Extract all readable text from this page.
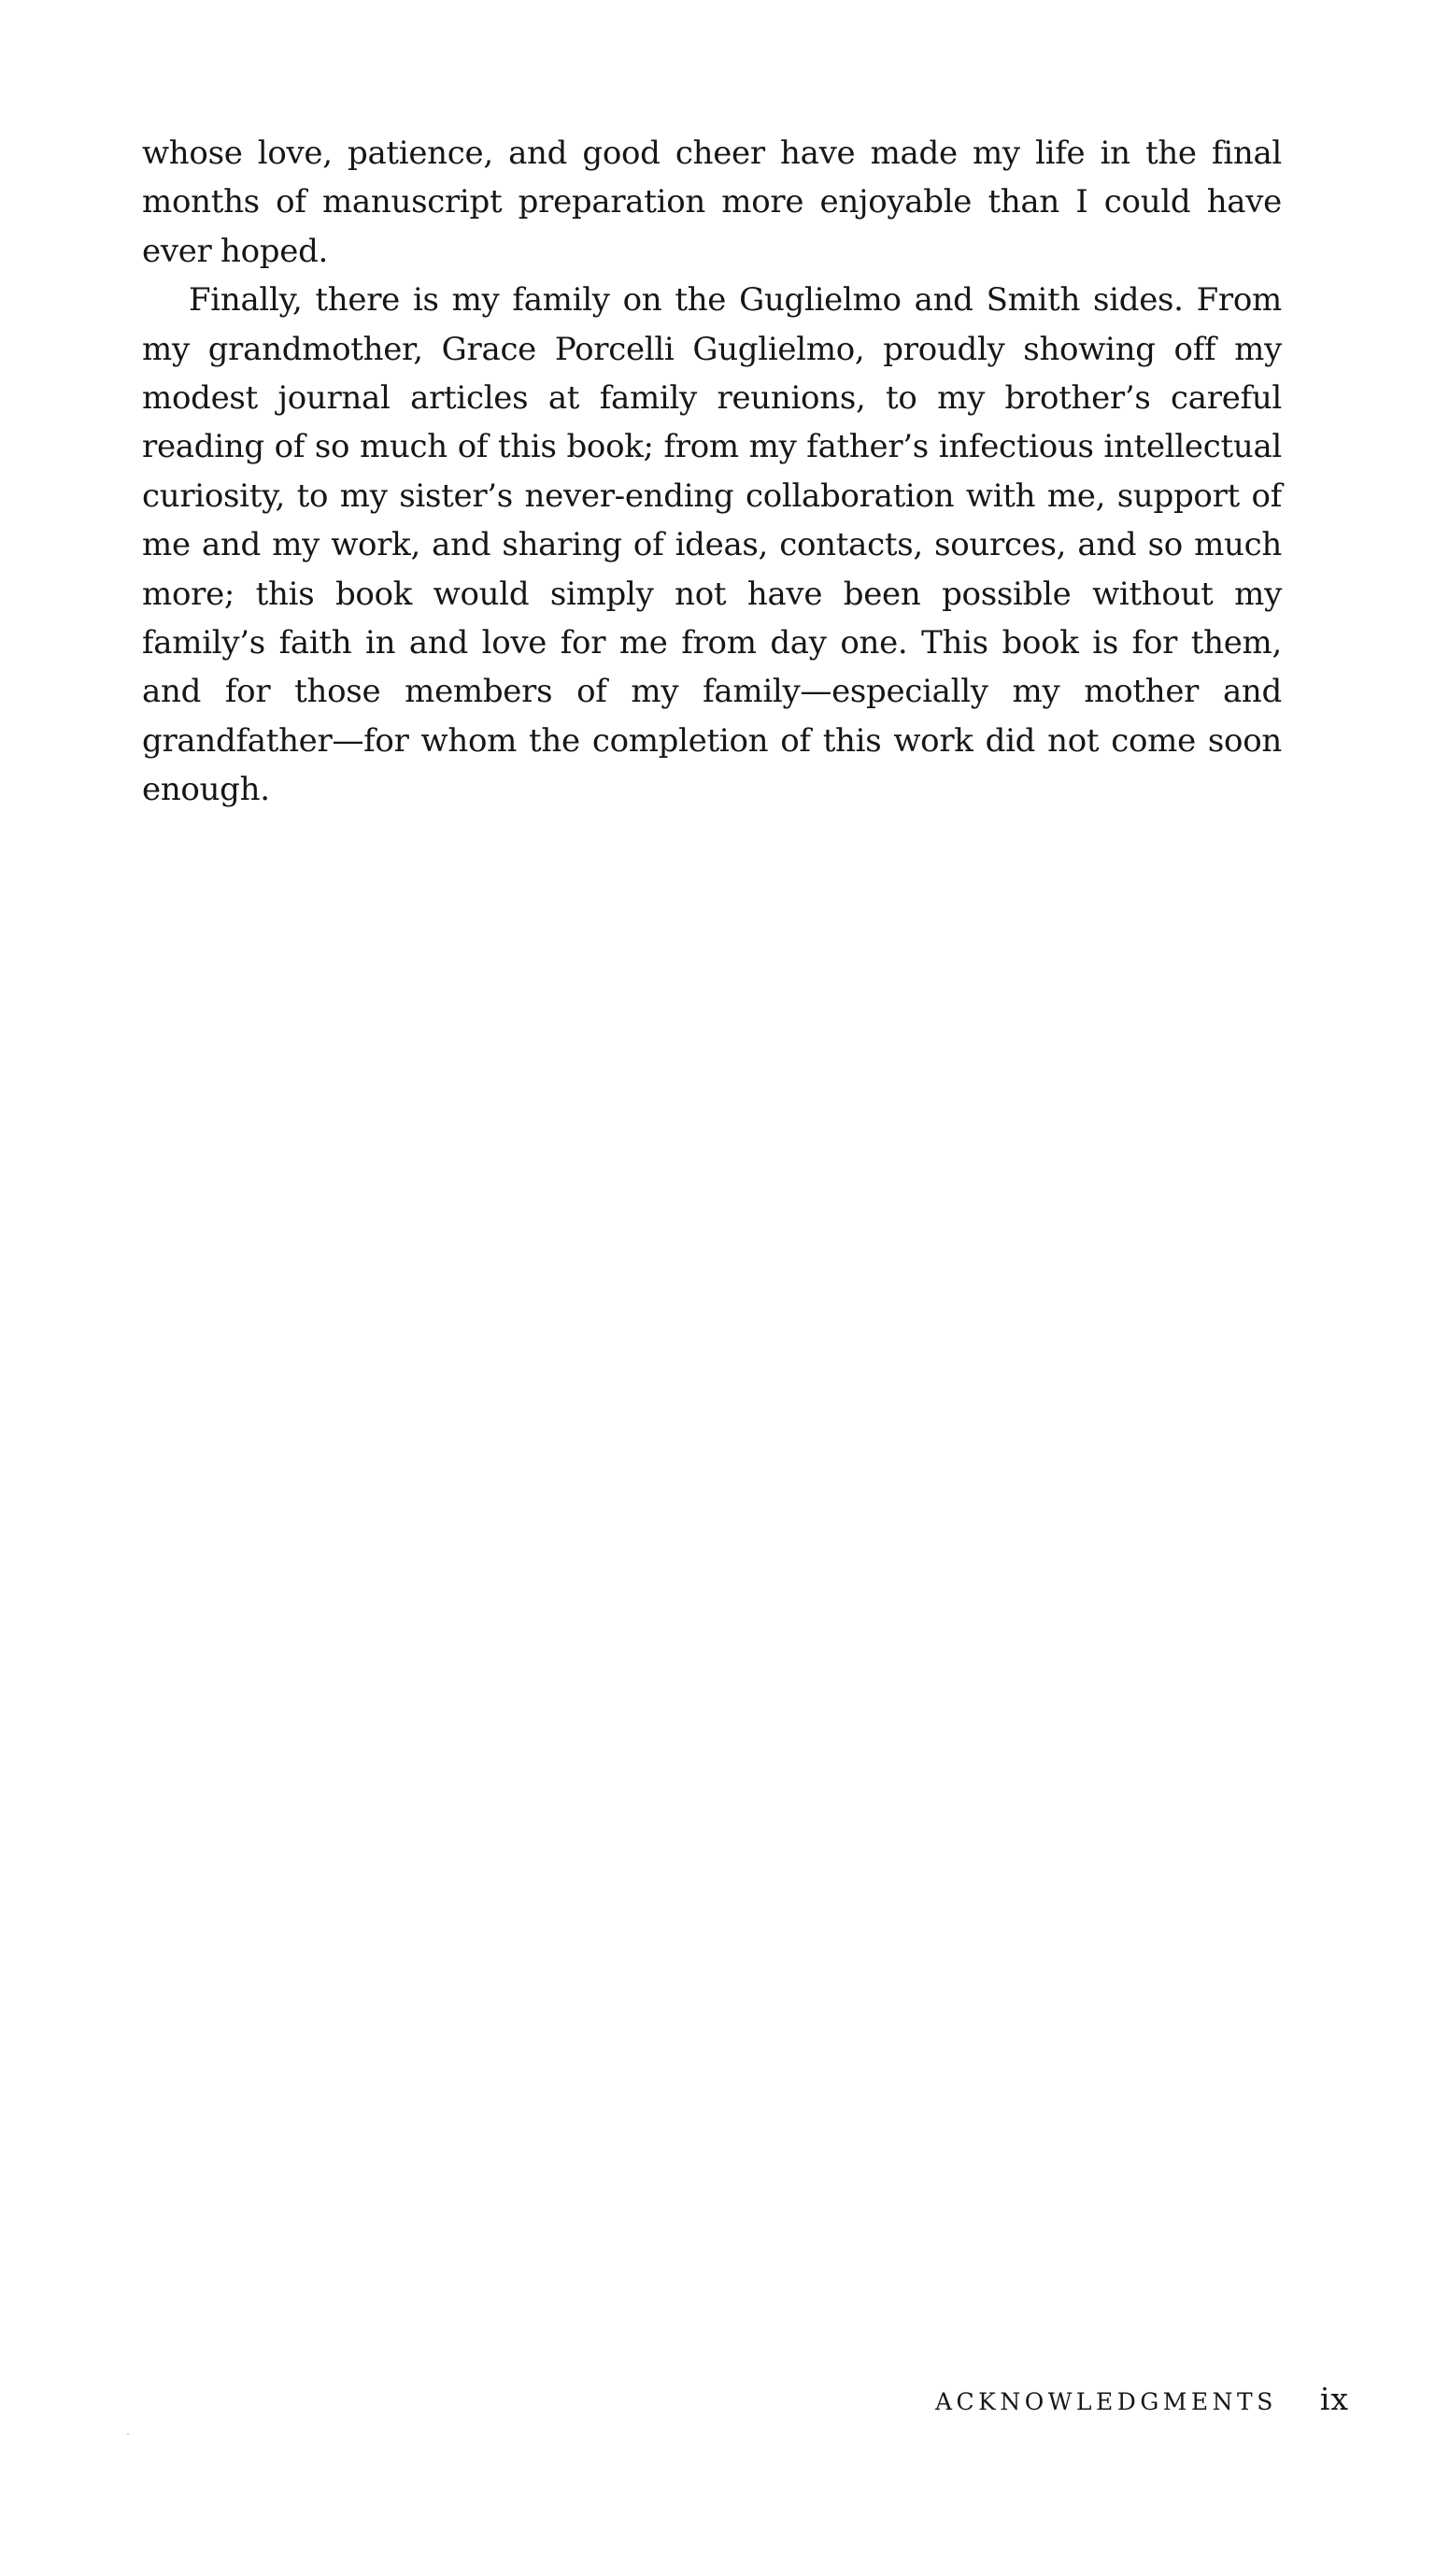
whose love, patience, and good cheer have made my life in the final months of manuscript preparation more enjoyable than I could have ever hoped.

Finally, there is my family on the Guglielmo and Smith sides. From my grandmother, Grace Porcelli Guglielmo, proudly showing off my modest journal articles at family reunions, to my brother’s careful reading of so much of this book; from my father’s infectious intellectual curiosity, to my sister’s never-ending collaboration with me, support of me and my work, and sharing of ideas, contacts, sources, and so much more; this book would simply not have been possible without my family’s faith in and love for me from day one. This book is for them, and for those members of my family—especially my mother and grandfather—for whom the completion of this work did not come soon enough.

ACKNOWLEDGMENTS ix
